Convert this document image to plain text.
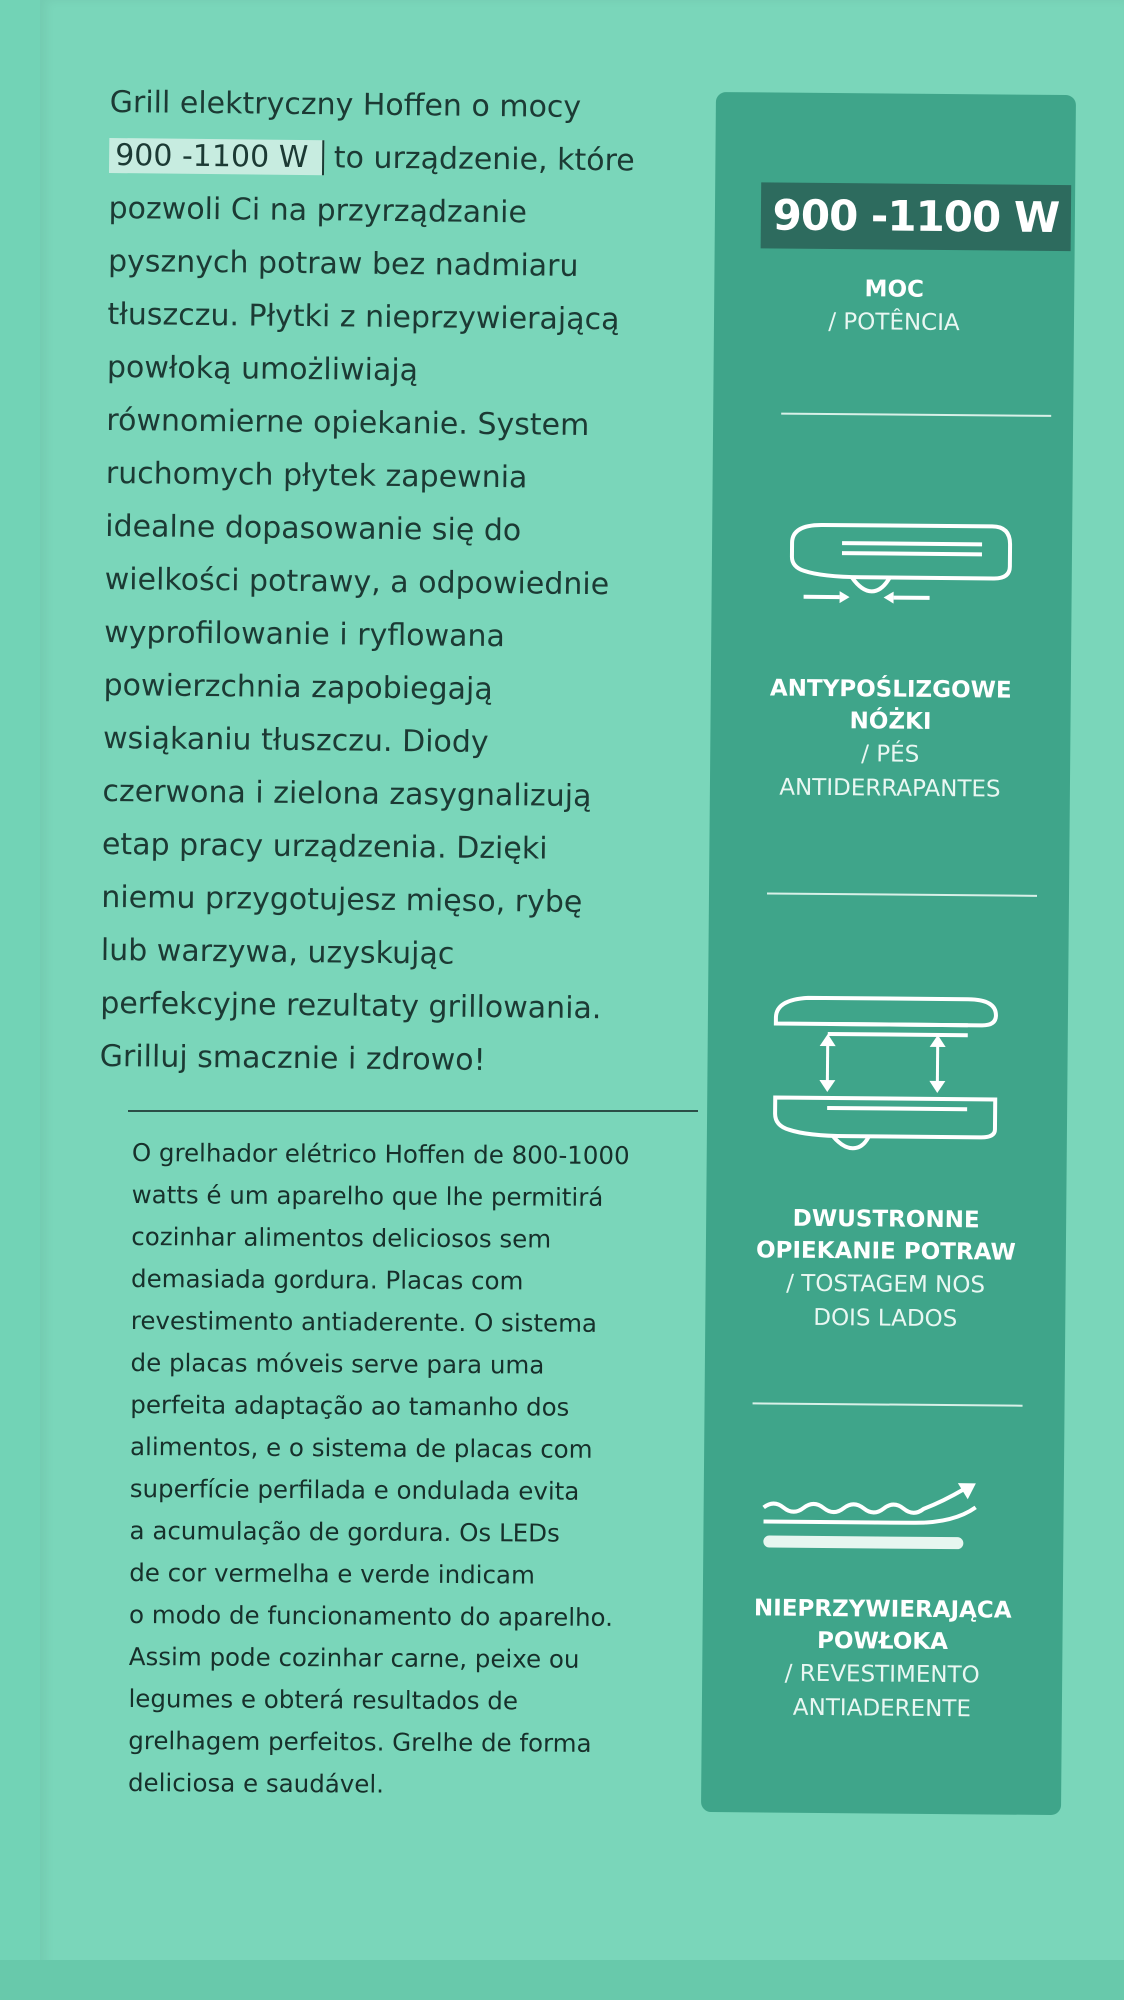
Grill elektryczny Hoffen o mocy
900 -1100 W to urządzenie, które
pozwoli Ci na przyrządzanie
pysznych potraw bez nadmiaru
tłuszczu. Płytki z nieprzywierającą
powłoką umożliwiają
równomierne opiekanie. System
ruchomych płytek zapewnia
idealne dopasowanie się do
wielkości potrawy, a odpowiednie
wyprofilowanie i ryflowana
powierzchnia zapobiegają
wsiąkaniu tłuszczu. Diody
czerwona i zielona zasygnalizują
etap pracy urządzenia. Dzięki
niemu przygotujesz mięso, rybę
lub warzywa, uzyskując
perfekcyjne rezultaty grillowania.
Grilluj smacznie i zdrowo!
O grelhador elétrico Hoffen de 800-1000
watts é um aparelho que lhe permitirá
cozinhar alimentos deliciosos sem
demasiada gordura. Placas com
revestimento antiaderente. O sistema
de placas móveis serve para uma
perfeita adaptação ao tamanho dos
alimentos, e o sistema de placas com
superfície perfilada e ondulada evita
a acumulação de gordura. Os LEDs
de cor vermelha e verde indicam
o modo de funcionamento do aparelho.
Assim pode cozinhar carne, peixe ou
legumes e obterá resultados de
grelhagem perfeitos. Grelhe de forma
deliciosa e saudável.
900 -1100 W
MOC
/ POTÊNCIA
ANTYPOŚLIZGOWE
NÓŻKI
/ PÉS
ANTIDERRAPANTES
DWUSTRONNE
OPIEKANIE POTRAW
/ TOSTAGEM NOS
DOIS LADOS
NIEPRZYWIERAJĄCA
POWŁOKA
/ REVESTIMENTO
ANTIADERENTE
